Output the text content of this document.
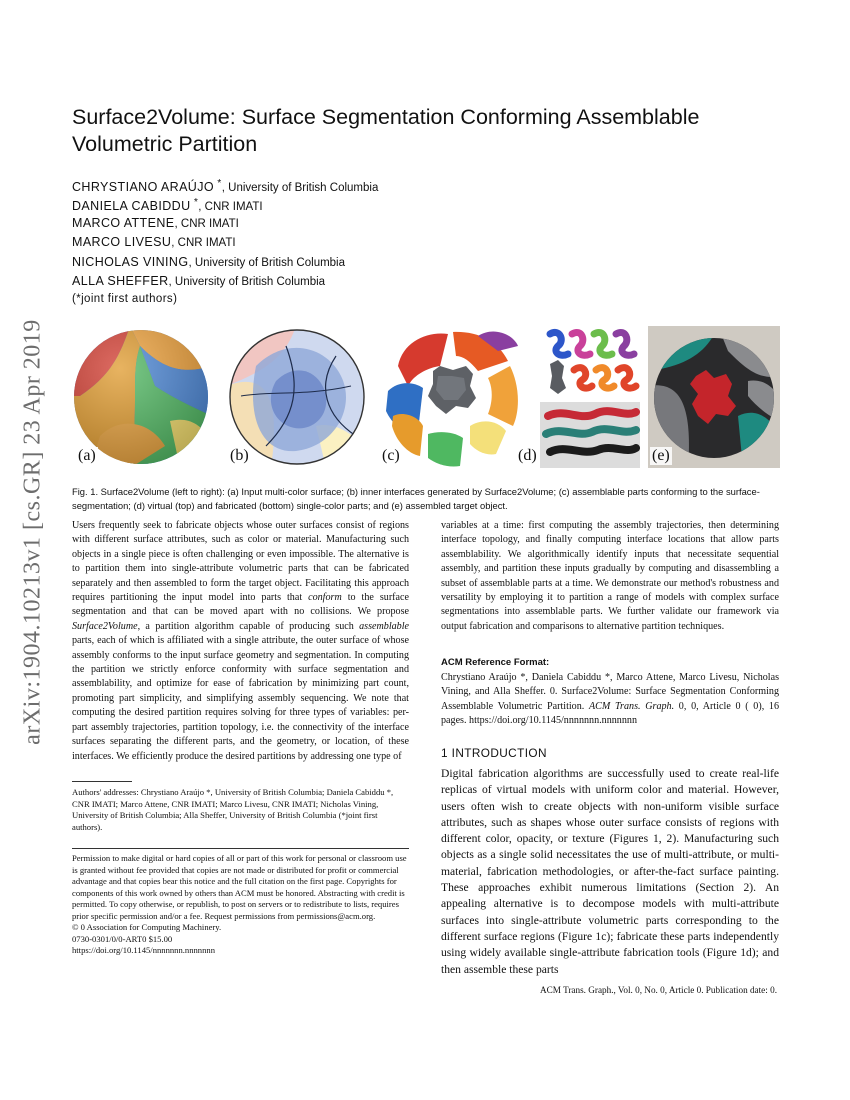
arXiv:1904.10213v1 [cs.GR] 23 Apr 2019
Surface2Volume: Surface Segmentation Conforming Assemblable
Volumetric Partition
CHRYSTIANO ARAÚJO *, University of British Columbia
DANIELA CABIDDU *, CNR IMATI
MARCO ATTENE, CNR IMATI
MARCO LIVESU, CNR IMATI
NICHOLAS VINING, University of British Columbia
ALLA SHEFFER, University of British Columbia
(*joint first authors)
(a)	(b)	(c)	(d)	(e)
Fig. 1. Surface2Volume (left to right): (a) Input multi-color surface; (b) inner interfaces generated by Surface2Volume; (c) assemblable parts conforming to the surface-segmentation; (d) virtual (top) and fabricated (bottom) single-color parts; and (e) assembled target object.

Users frequently seek to fabricate objects whose outer surfaces consist of regions with different surface attributes, such as color or material. Manufacturing such objects in a single piece is often challenging or even impossible. The alternative is to partition them into single-attribute volumetric parts that can be fabricated separately and then assembled to form the target object. Facilitating this approach requires partitioning the input model into parts that conform to the surface segmentation and that can be moved apart with no collisions. We propose Surface2Volume, a partition algorithm capable of producing such assemblable parts, each of which is affiliated with a single attribute, the outer surface of whose assembly conforms to the input surface geometry and segmentation. In computing the partition we strictly enforce conformity with surface segmentation and assemblability, and optimize for ease of fabrication by minimizing part count, promoting part simplicity, and simplifying assembly sequencing. We note that computing the desired partition requires solving for three types of variables: per-part assembly trajectories, partition topology, i.e. the connectivity of the interface surfaces separating the different parts, and the geometry, or location, of these interfaces. We efficiently produce the desired partitions by addressing one type of

Authors' addresses: Chrystiano Araújo *, University of British Columbia; Daniela Cabiddu *, CNR IMATI; Marco Attene, CNR IMATI; Marco Livesu, CNR IMATI; Nicholas Vining, University of British Columbia; Alla Sheffer, University of British Columbia (*joint first authors).
Permission to make digital or hard copies of all or part of this work for personal or classroom use is granted without fee provided that copies are not made or distributed for profit or commercial advantage and that copies bear this notice and the full citation on the first page. Copyrights for components of this work owned by others than ACM must be honored. Abstracting with credit is permitted. To copy otherwise, or republish, to post on servers or to redistribute to lists, requires prior specific permission and/or a fee. Request permissions from permissions@acm.org.
© 0 Association for Computing Machinery.
0730-0301/0/0-ART0 $15.00
https://doi.org/10.1145/nnnnnnn.nnnnnnn
variables at a time: first computing the assembly trajectories, then determining interface topology, and finally computing interface locations that allow parts assemblability. We algorithmically identify inputs that necessitate sequential assembly, and partition these inputs gradually by computing and disassembling a subset of assemblable parts at a time. We demonstrate our method's robustness and versatility by employing it to partition a range of models with complex surface segmentations into assemblable parts. We further validate our framework via output fabrication and comparisons to alternative partition techniques.
ACM Reference Format:
Chrystiano Araújo *, Daniela Cabiddu *, Marco Attene, Marco Livesu, Nicholas Vining, and Alla Sheffer. 0. Surface2Volume: Surface Segmentation Conforming Assemblable Volumetric Partition. ACM Trans. Graph. 0, 0, Article 0 ( 0), 16 pages. https://doi.org/10.1145/nnnnnnn.nnnnnnn
1 INTRODUCTION
Digital fabrication algorithms are successfully used to create real-life replicas of virtual models with uniform color and material. However, users often wish to create objects with non-uniform visible surface attributes, such as shapes whose outer surface consists of regions with different color, opacity, or texture (Figures 1, 2). Manufacturing such objects as a single solid necessitates the use of multi-attribute, or multi-material, fabrication methodologies, or after-the-fact surface painting. These approaches exhibit numerous limitations (Section 2). An appealing alternative is to decompose models with multi-attribute surfaces into single-attribute volumetric parts corresponding to the different surface regions (Figure 1c); fabricate these parts independently using widely available single-attribute fabrication tools (Figure 1d); and then assemble these parts
ACM Trans. Graph., Vol. 0, No. 0, Article 0. Publication date: 0.
